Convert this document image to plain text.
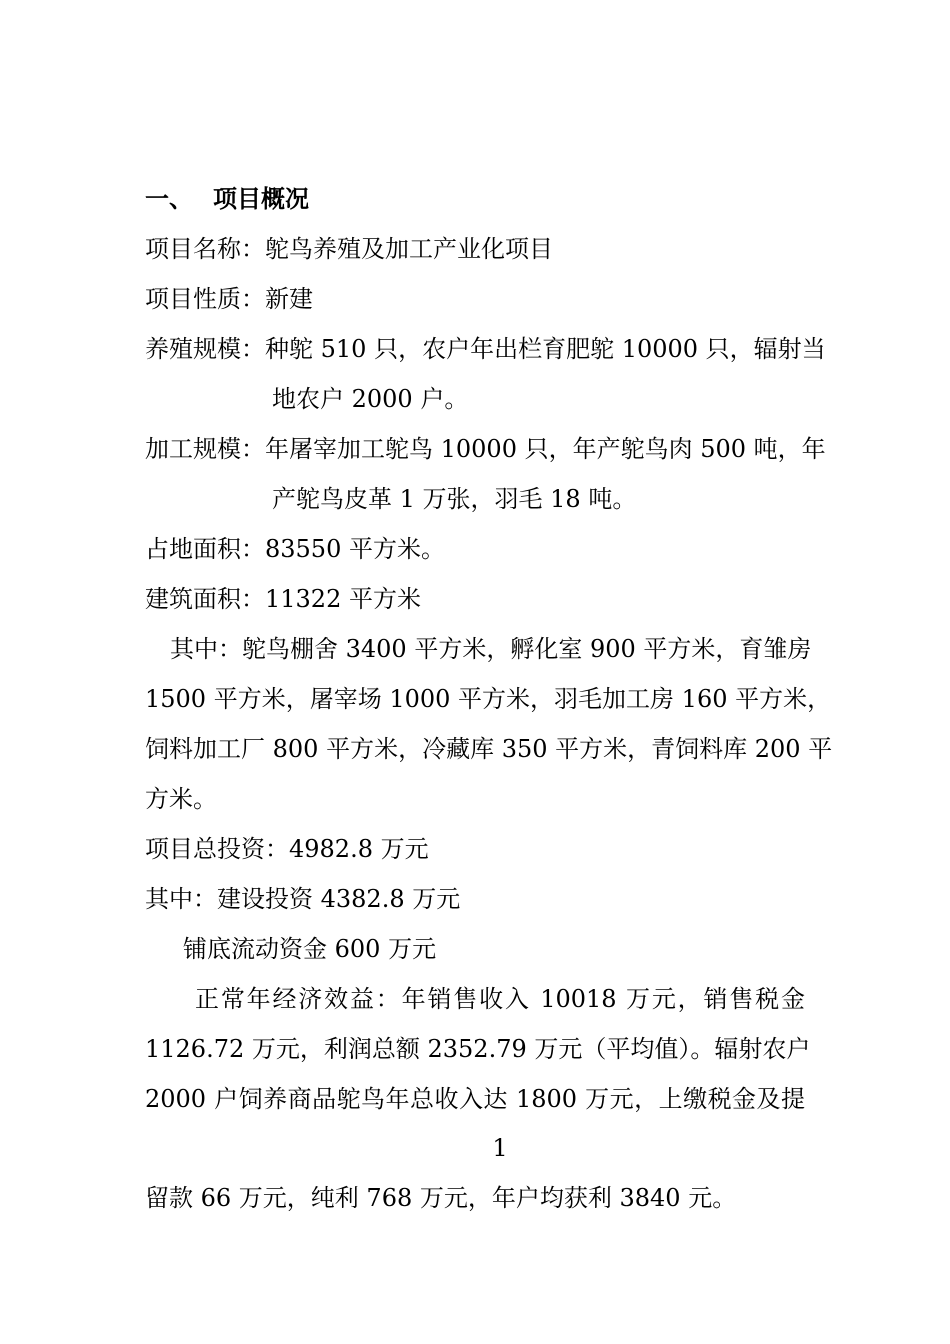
一、 项目概况
项目名称：鸵鸟养殖及加工产业化项目
项目性质：新建
养殖规模：种鸵 510 只，农户年出栏育肥鸵 10000 只，辐射当
地农户 2000 户。
加工规模：年屠宰加工鸵鸟 10000 只，年产鸵鸟肉 500 吨，年
产鸵鸟皮革 1 万张，羽毛 18 吨。
占地面积：83550 平方米。
建筑面积：11322 平方米
其中：鸵鸟棚舍 3400 平方米，孵化室 900 平方米，育雏房
1500 平方米，屠宰场 1000 平方米，羽毛加工房 160 平方米，
饲料加工厂 800 平方米，冷藏库 350 平方米，青饲料库 200 平
方米。
项目总投资：4982.8 万元
其中：建设投资 4382.8 万元
铺底流动资金 600 万元
正常年经济效益：年销售收入 10018 万元，销售税金
1126.72 万元，利润总额 2352.79 万元（平均值）。辐射农户
2000 户饲养商品鸵鸟年总收入达 1800 万元，上缴税金及提
1
留款 66 万元，纯利 768 万元，年户均获利 3840 元。
